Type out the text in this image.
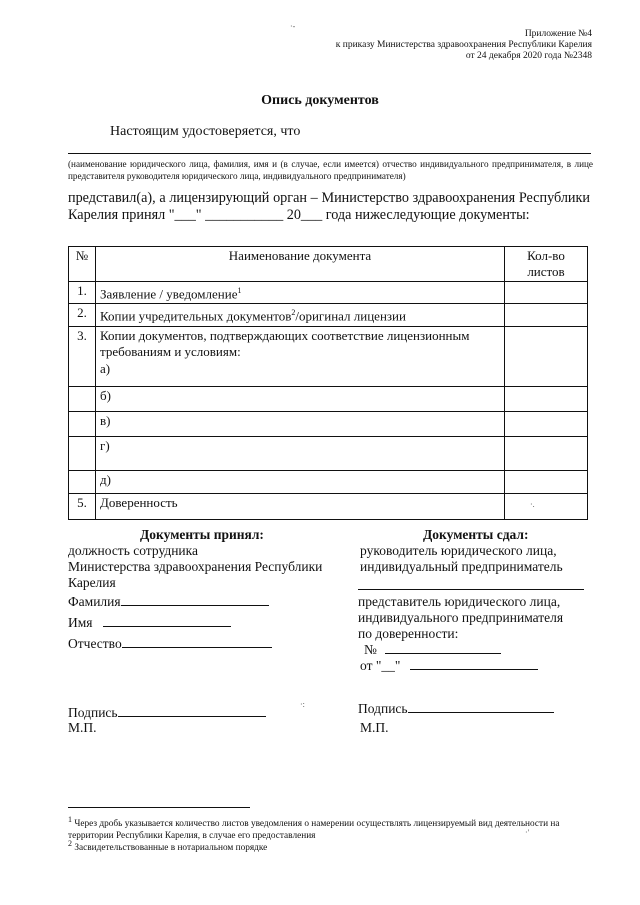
Приложение №4
к приказу Министерства здравоохранения Республики Карелия
от 24 декабря 2020 года №2348
Опись документов
Настоящим удостоверяется, что
(наименование юридического лица, фамилия, имя и (в случае, если имеется) отчество индивидуального предпринимателя, в лице представителя руководителя юридического лица, индивидуального предпринимателя)
представил(а), а лицензирующий орган – Министерство здравоохранения Республики Карелия принял "___" ___________ 20___ года нижеследующие документы:
№	Наименование документа	Кол-во листов
1.	Заявление / уведомление$^1$	
2.	Копии учредительных документов$^2$/оригинал лицензии	
3.	Копии документов, подтверждающих соответствие лицензионным требованиям и условиям:
а)	

	б)	
	в)	
	г)	
	д)	
5.	Доверенность	
Документы принял:
должность сотрудника
Министерства здравоохранения Республики
Карелия
Фамилия
Имя
Отчество
Подпись
М.П.
Документы сдал:
руководитель юридического лица,
индивидуальный предприниматель
представитель юридического лица,
индивидуального предпринимателя
по доверенности:
№
от "__"
Подпись
М.П.
$^1$ Через дробь указывается количество листов уведомления о намерении осуществлять лицензируемый вид деятельности на территории Республики Карелия, в случае его предоставления
$^2$ Засвидетельствованные в нотариальном порядке
·-
·.
·:
·'
